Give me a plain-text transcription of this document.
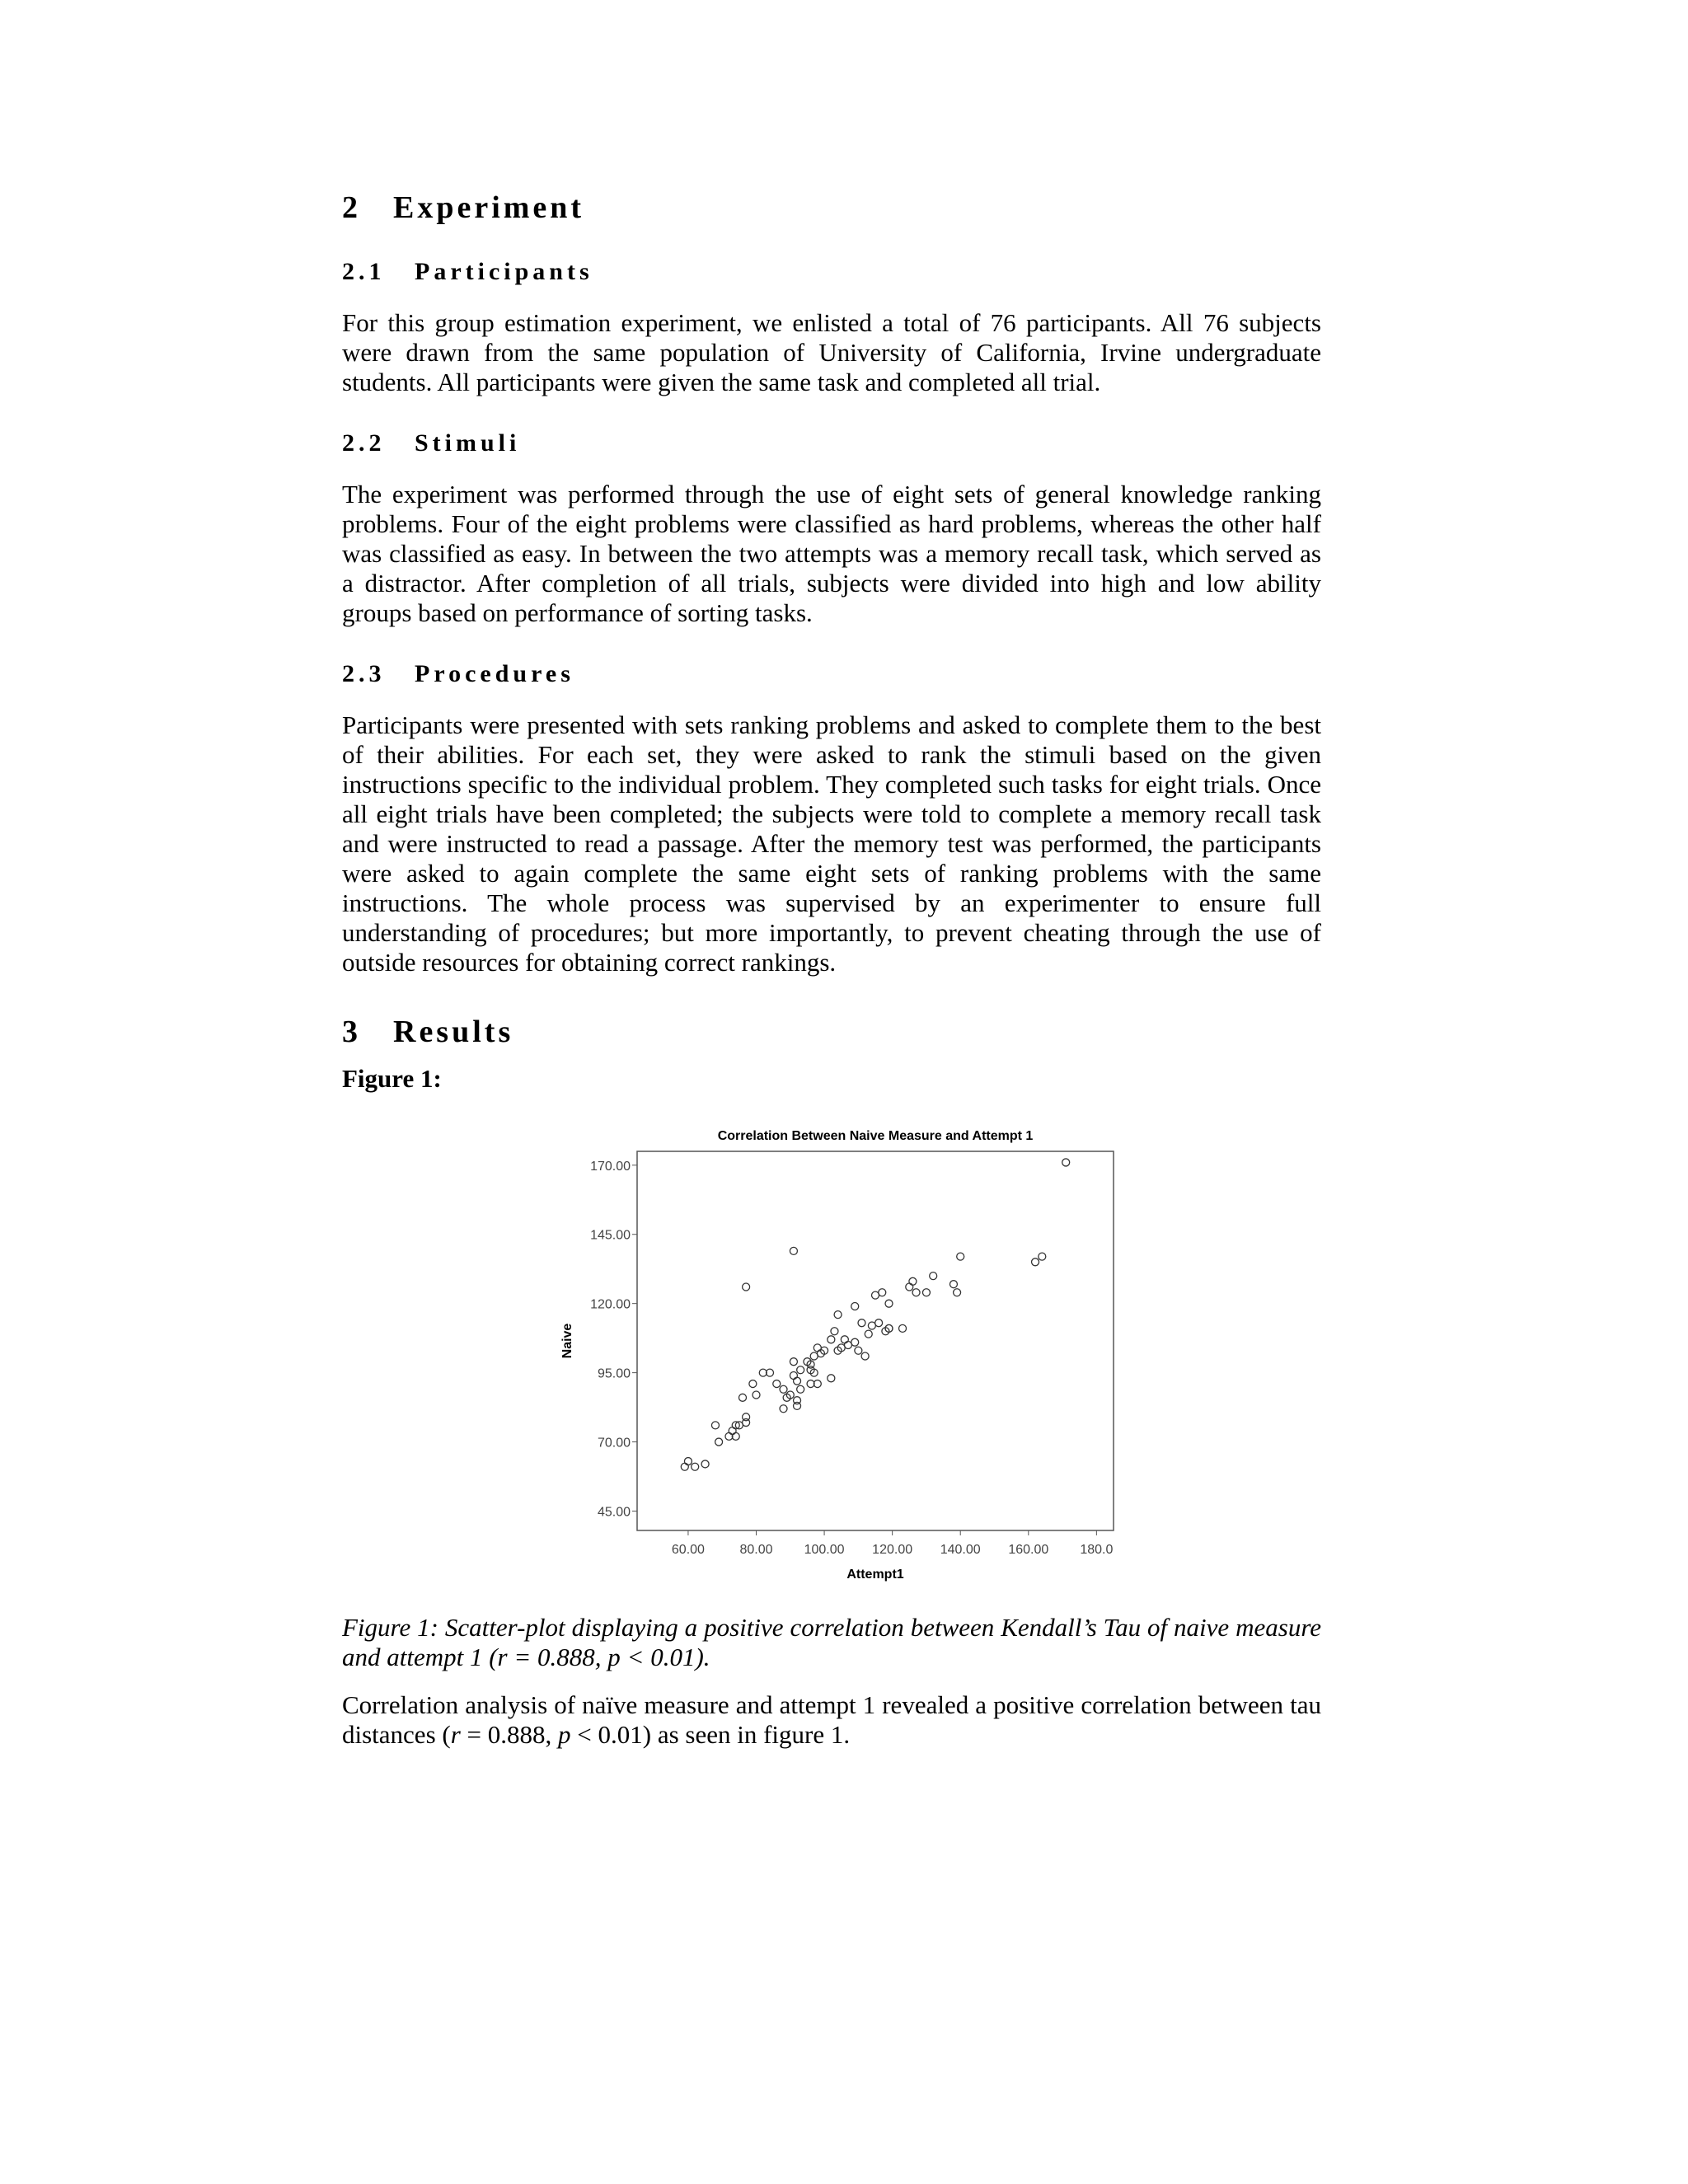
2 Experiment
2.1 Participants

For this group estimation experiment, we enlisted a total of 76 participants. All 76 subjects were drawn from the same population of University of California, Irvine undergraduate students. All participants were given the same task and completed all trial.

2.2 Stimuli

The experiment was performed through the use of eight sets of general knowledge ranking problems. Four of the eight problems were classified as hard problems, whereas the other half was classified as easy. In between the two attempts was a memory recall task, which served as a distractor. After completion of all trials, subjects were divided into high and low ability groups based on performance of sorting tasks.

2.3 Procedures

Participants were presented with sets ranking problems and asked to complete them to the best of their abilities. For each set, they were asked to rank the stimuli based on the given instructions specific to the individual problem. They completed such tasks for eight trials. Once all eight trials have been completed; the subjects were told to complete a memory recall task and were instructed to read a passage. After the memory test was performed, the participants were asked to again complete the same eight sets of ranking problems with the same instructions. The whole process was supervised by an experimenter to ensure full understanding of procedures; but more importantly, to prevent cheating through the use of outside resources for obtaining correct rankings.

3 Results
Figure 1:
Correlation Between Naive Measure and Attempt 1
Naive
Attempt1
45.00
70.00
95.00
120.00
145.00
170.00
60.00	80.00 100.00 120.00 140.00 160.00 180.0

Figure 1: Scatter-plot displaying a positive correlation between Kendall’s Tau of naive measure and attempt 1 (r = 0.888, p < 0.01).

Correlation analysis of naïve measure and attempt 1 revealed a positive correlation between tau distances (r = 0.888, p < 0.01) as seen in figure 1.
